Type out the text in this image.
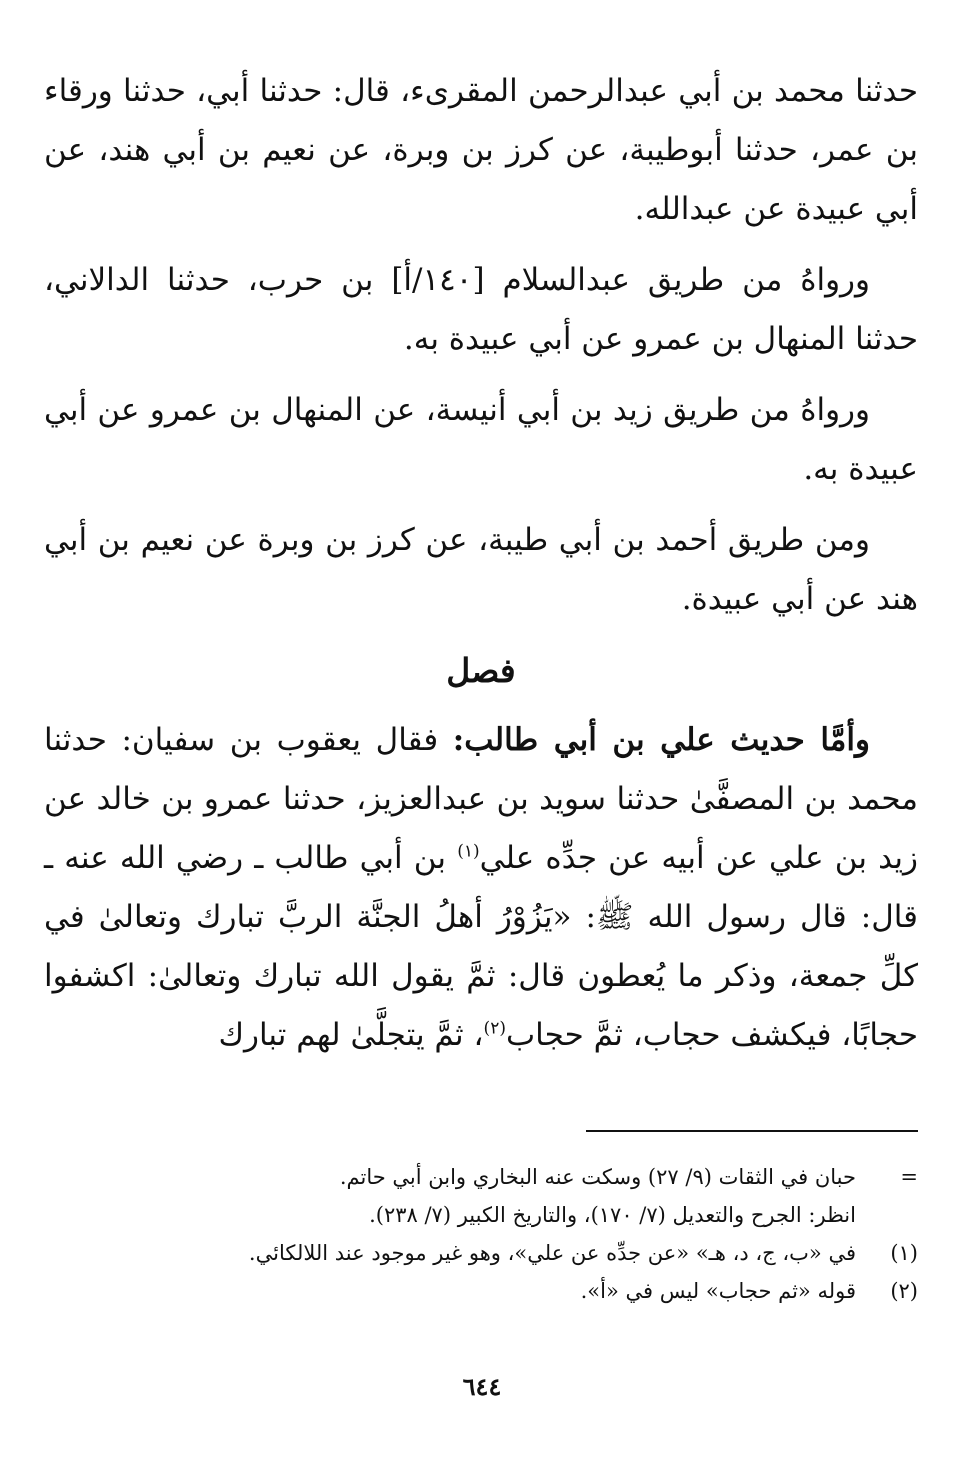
حدثنا محمد بن أبي عبدالرحمن المقرىء، قال: حدثنا أبي، حدثنا ورقاء بن عمر، حدثنا أبوطيبة، عن كرز بن وبرة، عن نعيم بن أبي هند، عن أبي عبيدة عن عبدالله.

ورواهُ من طريق عبدالسلام [١٤٠/أ] بن حرب، حدثنا الدالاني، حدثنا المنهال بن عمرو عن أبي عبيدة به.

ورواهُ من طريق زيد بن أبي أنيسة، عن المنهال بن عمرو عن أبي عبيدة به.

ومن طريق أحمد بن أبي طيبة، عن كرز بن وبرة عن نعيم بن أبي هند عن أبي عبيدة.

فصل

وأمَّا حديث علي بن أبي طالب: فقال يعقوب بن سفيان: حدثنا محمد بن المصفَّىٰ حدثنا سويد بن عبدالعزيز، حدثنا عمرو بن خالد عن زيد بن علي عن أبيه عن جدِّه علي$^{(١)}$ بن أبي طالب ـ رضي الله عنه ـ قال: قال رسول الله ﷺ: «يَزُوْرُ أهلُ الجنَّة الربَّ تبارك وتعالىٰ في كلِّ جمعة، وذكر ما يُعطون قال: ثمَّ يقول الله تبارك وتعالىٰ: اكشفوا حجابًا، فيكشف حجاب، ثمَّ حجاب$^{(٢)}$، ثمَّ يتجلَّىٰ لهم تبارك

=
حبان في الثقات (٩/ ٢٧) وسكت عنه البخاري وابن أبي حاتم.
انظر: الجرح والتعديل (٧/ ١٧٠)، والتاريخ الكبير (٧/ ٢٣٨).
(١)
في «ب، ج، د، هـ» «عن جدِّه عن علي»، وهو غير موجود عند اللالكائي.
(٢)
قوله «ثم حجاب» ليس في «أ».
٦٤٤
